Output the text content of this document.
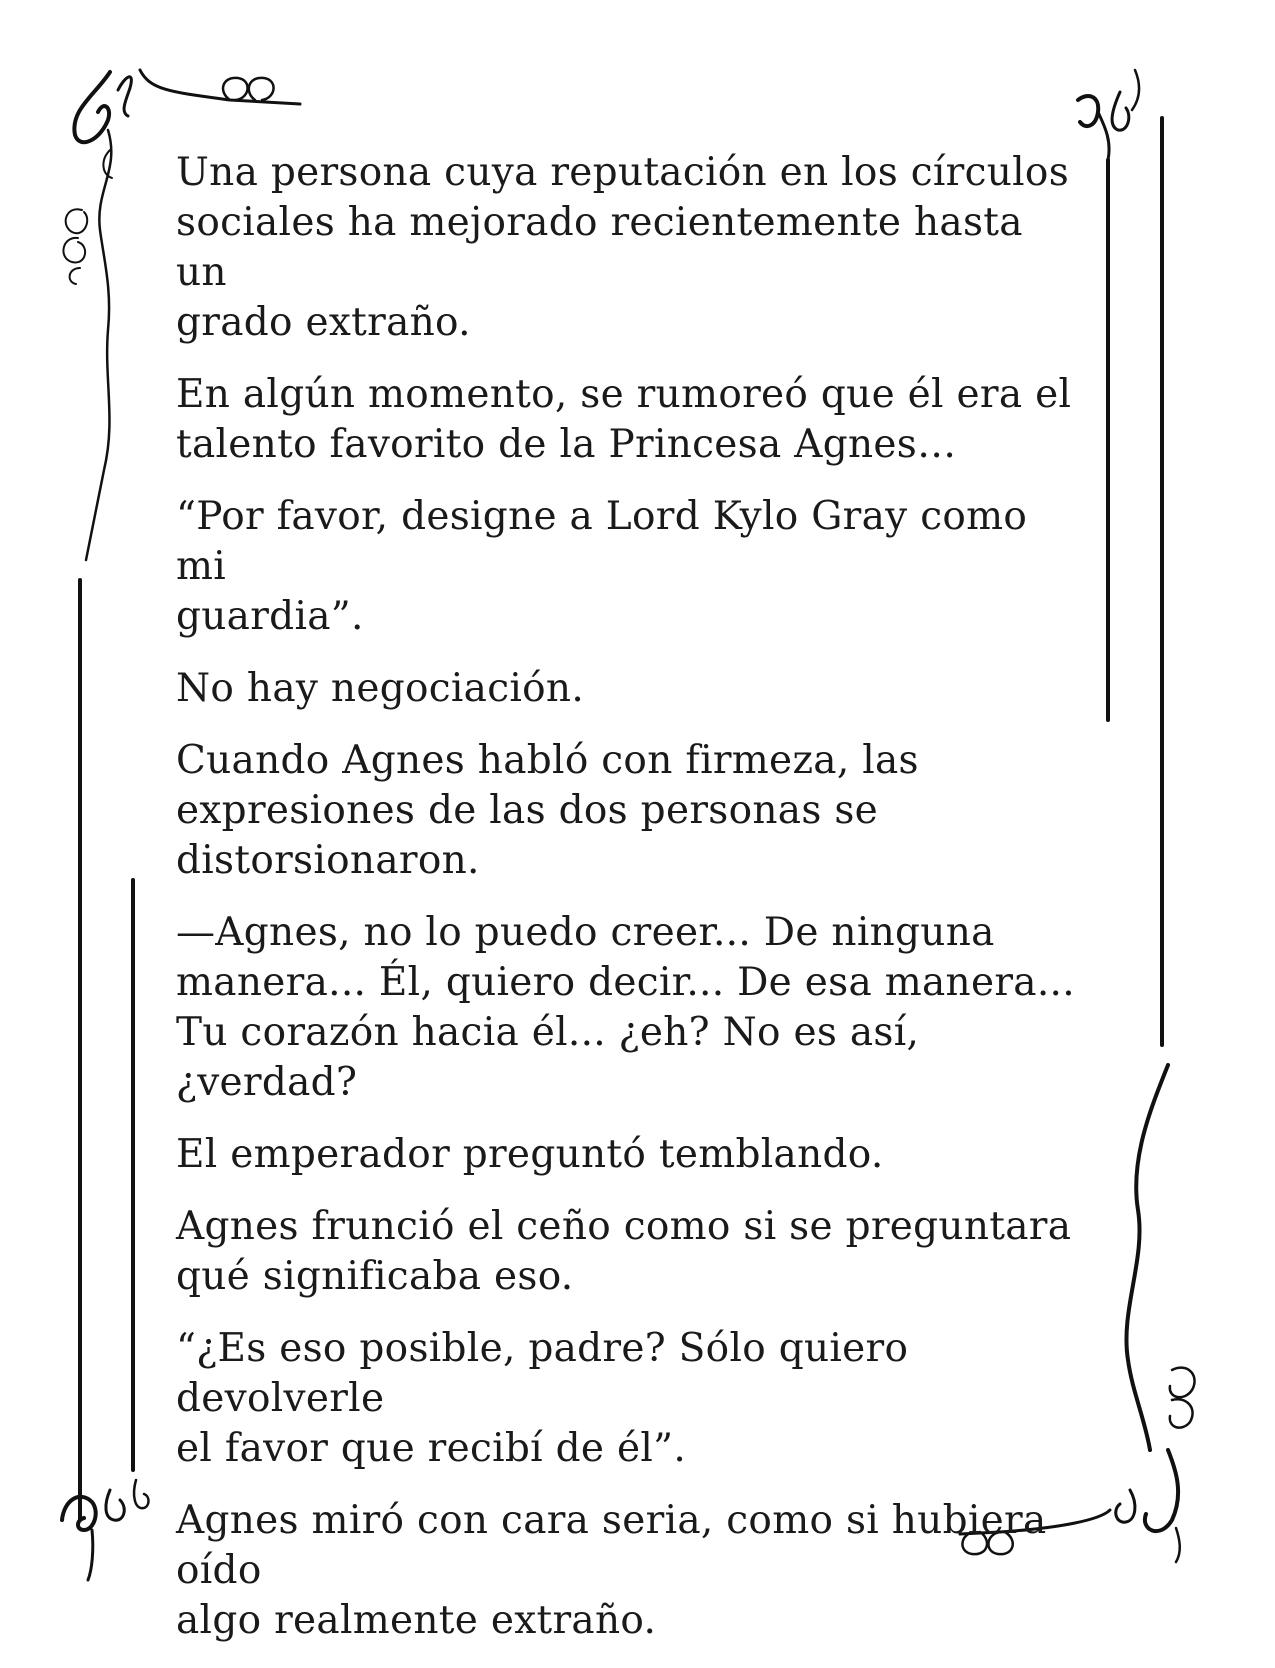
Una persona cuya reputación en los círculos
sociales ha mejorado recientemente hasta un
grado extraño.

En algún momento, se rumoreó que él era el
talento favorito de la Princesa Agnes…

“Por favor, designe a Lord Kylo Gray como mi
guardia”.

No hay negociación.

Cuando Agnes habló con firmeza, las
expresiones de las dos personas se
distorsionaron.

—Agnes, no lo puedo creer... De ninguna
manera... Él, quiero decir... De esa manera...
Tu corazón hacia él... ¿eh? No es así, ¿verdad?

El emperador preguntó temblando.

Agnes frunció el ceño como si se preguntara
qué significaba eso.

“¿Es eso posible, padre? Sólo quiero devolverle
el favor que recibí de él”.

Agnes miró con cara seria, como si hubiera oído
algo realmente extraño.
